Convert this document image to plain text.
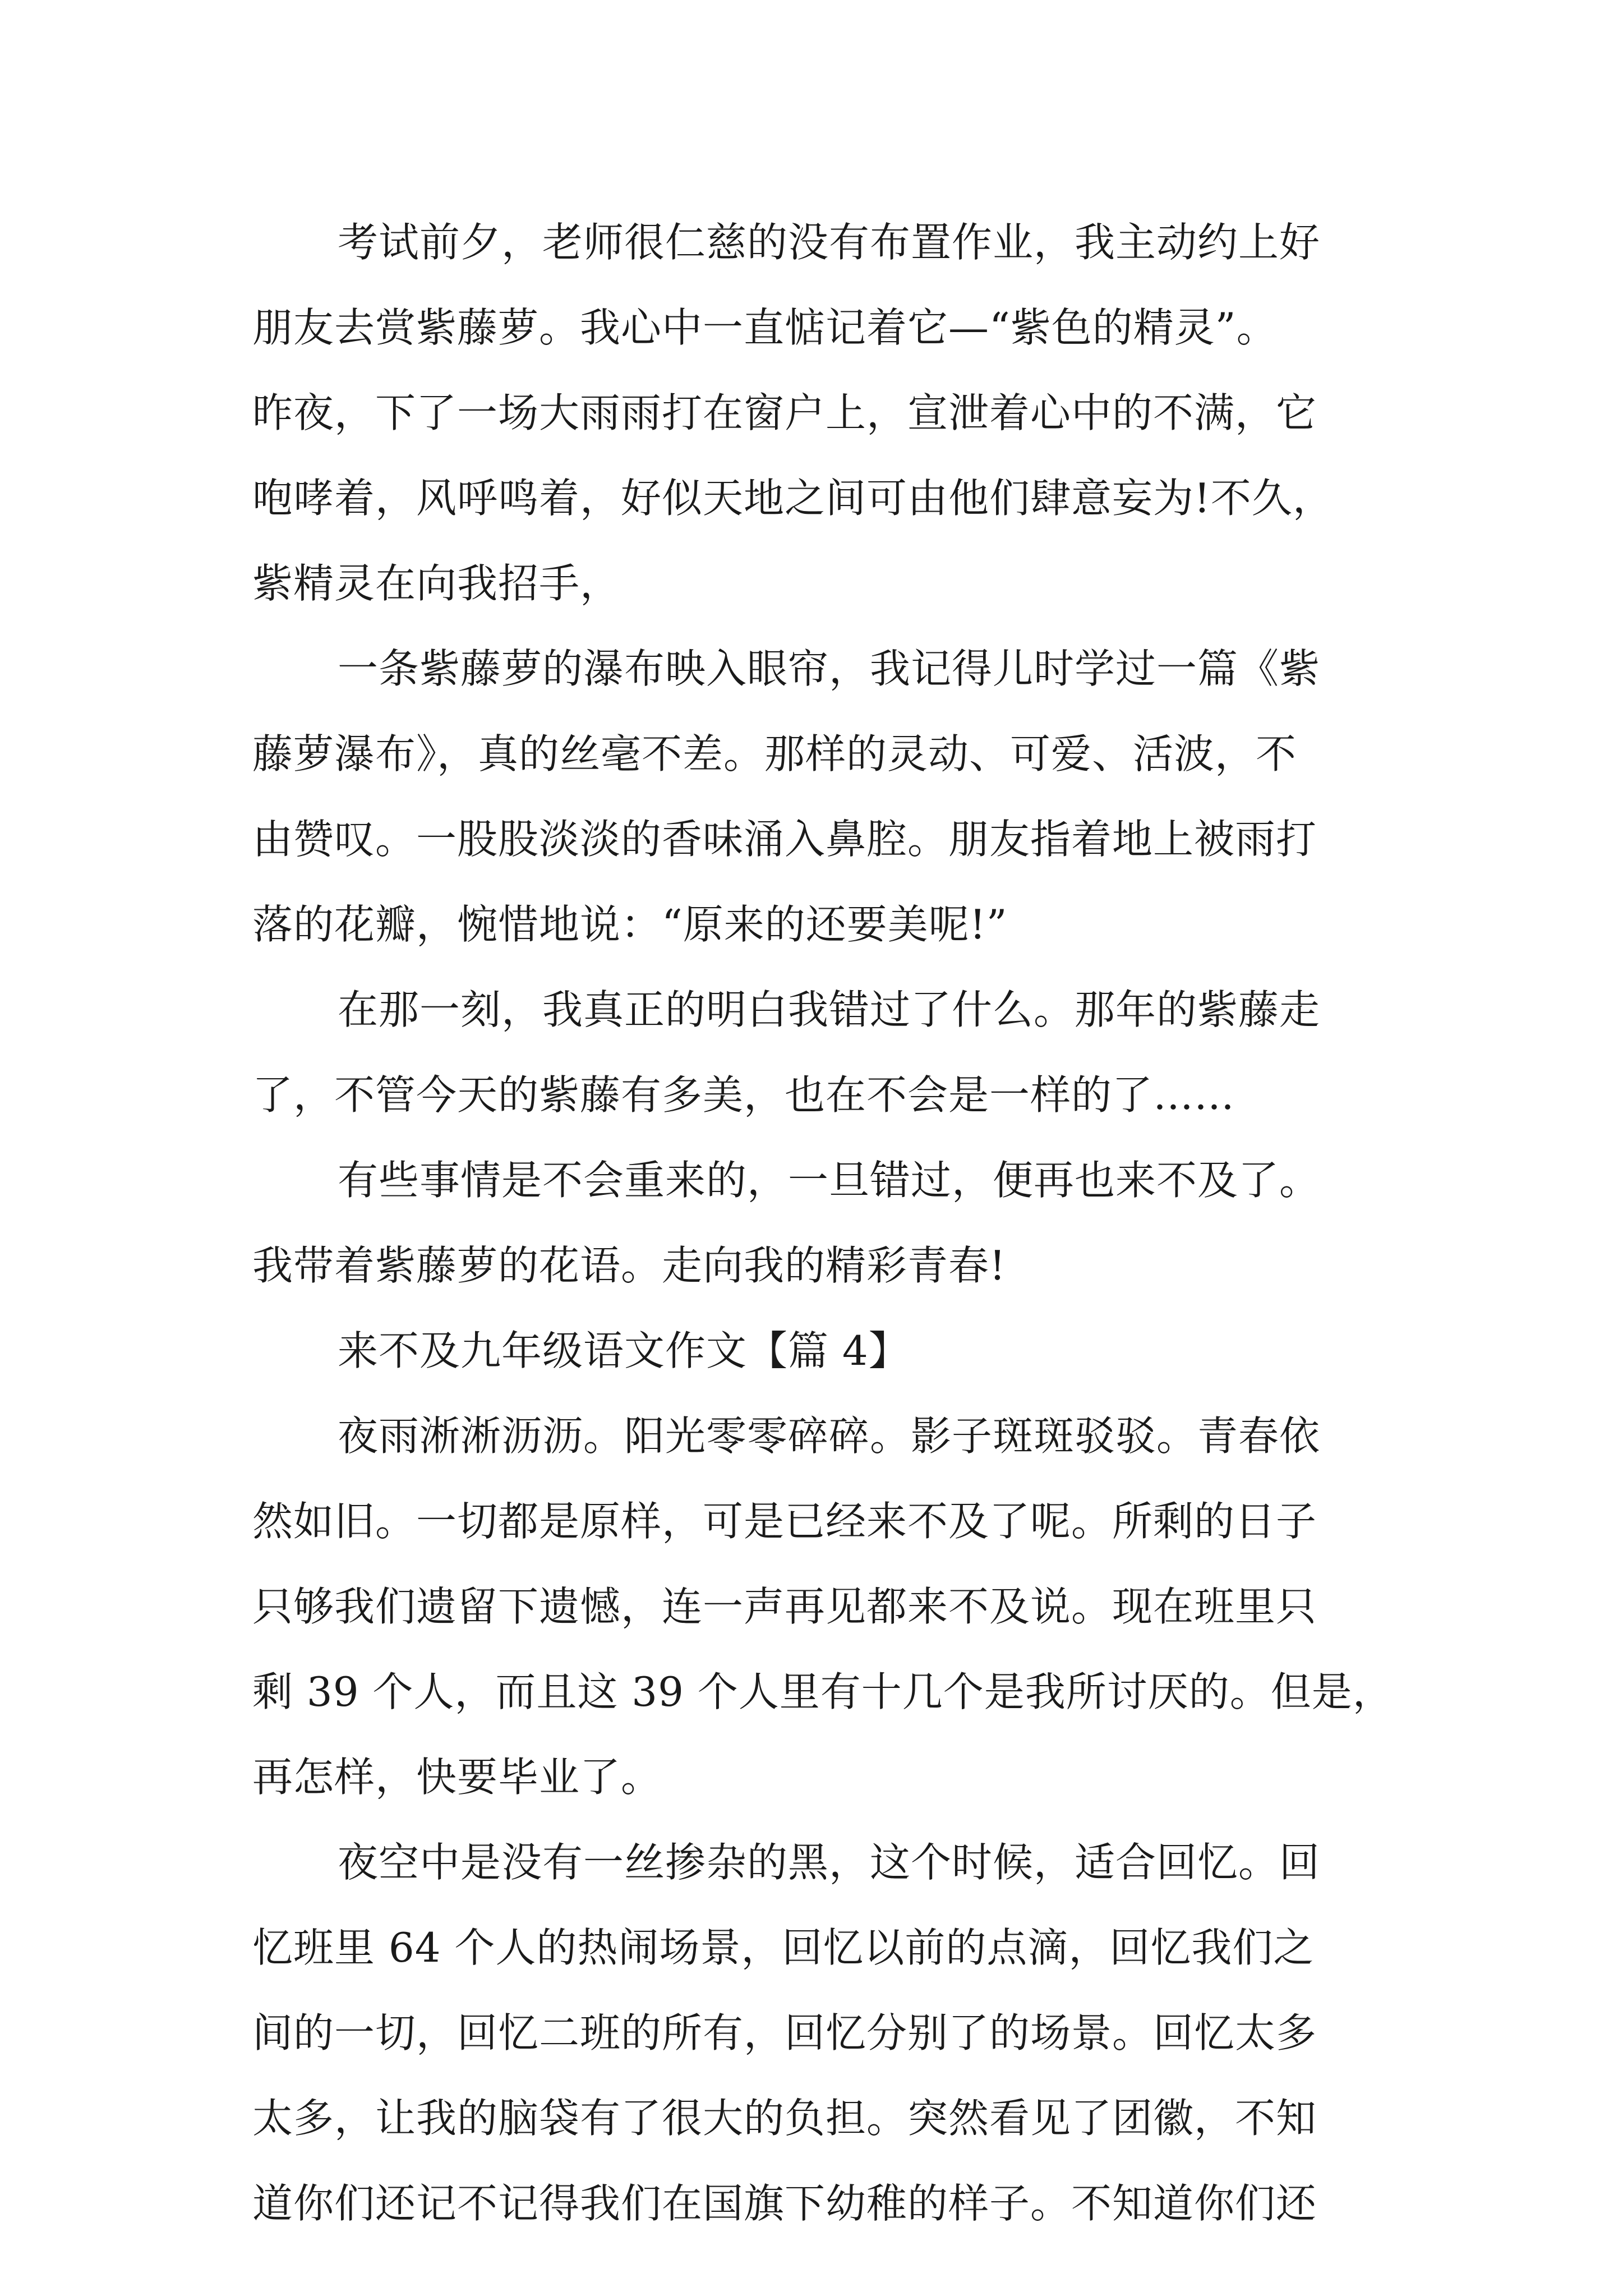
考试前夕，老师很仁慈的没有布置作业，我主动约上好
朋友去赏紫藤萝。我心中一直惦记着它—“紫色的精灵”。
昨夜，下了一场大雨雨打在窗户上，宣泄着心中的不满，它
咆哮着，风呼鸣着，好似天地之间可由他们肆意妄为!不久，
紫精灵在向我招手，
一条紫藤萝的瀑布映入眼帘，我记得儿时学过一篇《紫
藤萝瀑布》，真的丝毫不差。那样的灵动、可爱、活波，不
由赞叹。一股股淡淡的香味涌入鼻腔。朋友指着地上被雨打
落的花瓣，惋惜地说：“原来的还要美呢!”
在那一刻，我真正的明白我错过了什么。那年的紫藤走
了，不管今天的紫藤有多美，也在不会是一样的了……
有些事情是不会重来的，一旦错过，便再也来不及了。
我带着紫藤萝的花语。走向我的精彩青春!
来不及九年级语文作文【篇 4】
夜雨淅淅沥沥。阳光零零碎碎。影子斑斑驳驳。青春依
然如旧。一切都是原样，可是已经来不及了呢。所剩的日子
只够我们遗留下遗憾，连一声再见都来不及说。现在班里只
剩 39 个人，而且这 39 个人里有十几个是我所讨厌的。但是，
再怎样，快要毕业了。
夜空中是没有一丝掺杂的黑，这个时候，适合回忆。回
忆班里 64 个人的热闹场景，回忆以前的点滴，回忆我们之
间的一切，回忆二班的所有，回忆分别了的场景。回忆太多
太多，让我的脑袋有了很大的负担。突然看见了团徽，不知
道你们还记不记得我们在国旗下幼稚的样子。不知道你们还
